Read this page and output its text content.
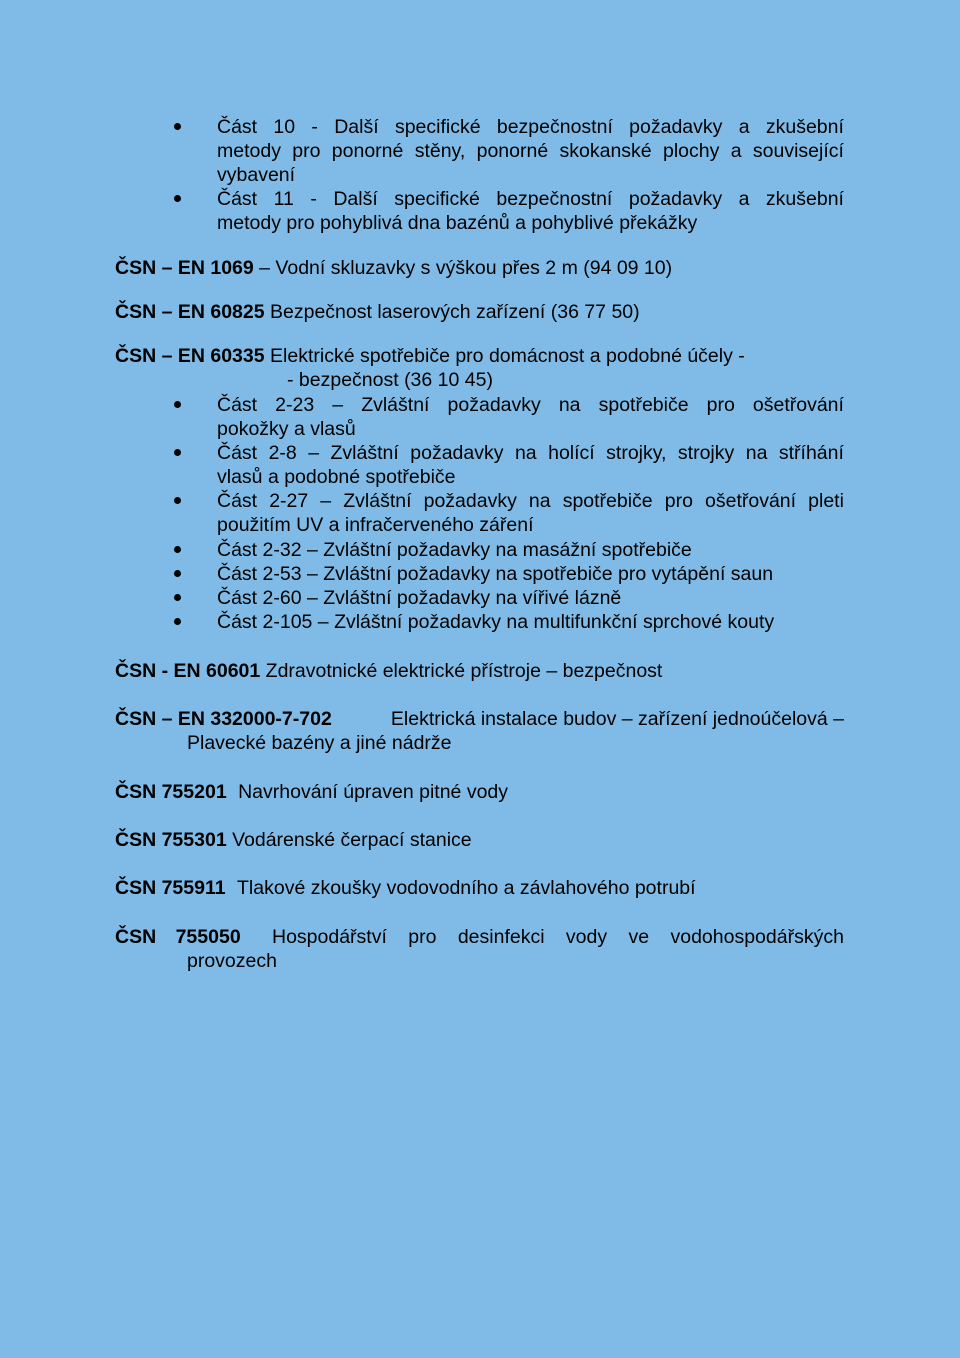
Část 10 - Další specifické bezpečnostní požadavky a zkušební
metody pro ponorné stěny, ponorné skokanské plochy a související
vybavení
Část 11 - Další specifické bezpečnostní požadavky a zkušební
metody pro pohyblivá dna bazénů a pohyblivé překážky
ČSN – EN 1069 – Vodní skluzavky s výškou přes 2 m (94 09 10)
ČSN – EN 60825 Bezpečnost laserových zařízení (36 77 50)
ČSN – EN 60335 Elektrické spotřebiče pro domácnost a podobné účely -
- bezpečnost (36 10 45)
Část 2-23 – Zvláštní požadavky na spotřebiče pro ošetřování
pokožky a vlasů
Část 2-8 – Zvláštní požadavky na holící strojky, strojky na stříhání
vlasů a podobné spotřebiče
Část 2-27 – Zvláštní požadavky na spotřebiče pro ošetřování pleti
použitím UV a infračerveného záření
Část 2-32 – Zvláštní požadavky na masážní spotřebiče
Část 2-53 – Zvláštní požadavky na spotřebiče pro vytápění saun
Část 2-60 – Zvláštní požadavky na vířivé lázně
Část 2-105 – Zvláštní požadavky na multifunkční sprchové kouty
ČSN - EN 60601 Zdravotnické elektrické přístroje – bezpečnost
ČSN – EN 332000-7-702	Elektrická instalace budov – zařízení jednoúčelová –
Plavecké bazény a jiné nádrže
ČSN 755201 Navrhování úpraven pitné vody
ČSN 755301 Vodárenské čerpací stanice
ČSN 755911 Tlakové zkoušky vodovodního a závlahového potrubí
ČSN 755050 Hospodářství pro desinfekci vody ve vodohospodářských
provozech
